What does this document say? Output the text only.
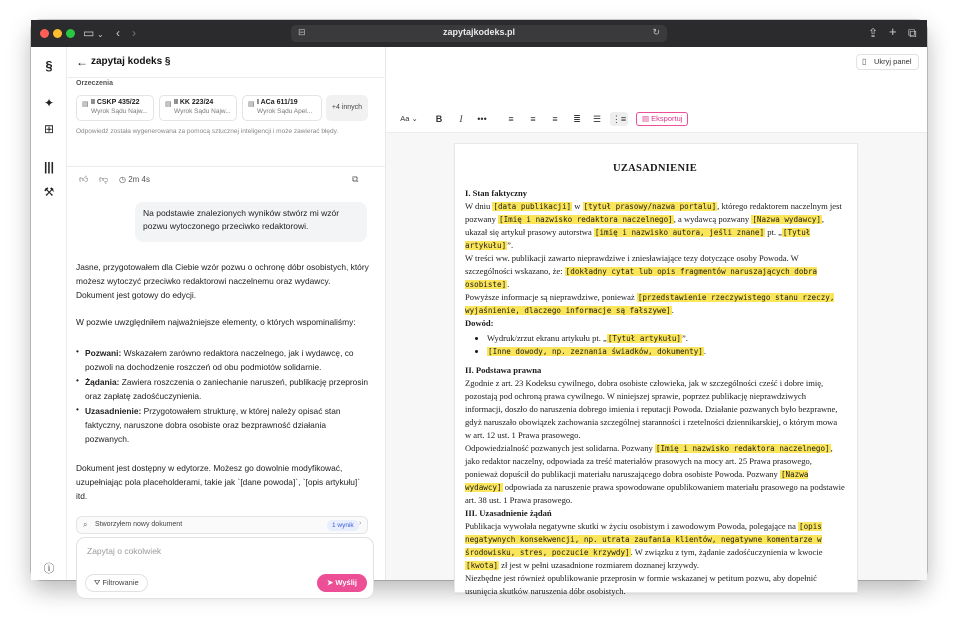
▭ ⌄ ‹ ›	⊟	zapytajkodeks.pl	↻	⇪ + ⧉
§
✦
⊞
|||
⚒
ⓘ
← zapytaj kodeks §
Orzeczenia
▤ II CSKP 435/22
Wyrok Sądu Najw...
▤ II KK 223/24
Wyrok Sądu Najw...
▤ I ACa 611/19
Wyrok Sądu Apel...
+4 innych
Odpowiedź została wygenerowana za pomocą sztucznej inteligencji i może zawierać błędy.
👍︎ 👎︎ ◷ 2m 4s	⧉
Na podstawie znalezionych wyników stwórz mi wzór pozwu wytoczonego przeciwko redaktorowi.
Jasne, przygotowałem dla Ciebie wzór pozwu o ochronę dóbr osobistych, który możesz wytoczyć przeciwko redaktorowi naczelnemu oraz wydawcy. Dokument jest gotowy do edycji.
W pozwie uwzględniłem najważniejsze elementy, o których wspominaliśmy:
• Pozwani: Wskazałem zarówno redaktora naczelnego, jak i wydawcę, co pozwoli na dochodzenie roszczeń od obu podmiotów solidarnie.
• Żądania: Zawiera roszczenia o zaniechanie naruszeń, publikację przeprosin oraz zapłatę zadośćuczynienia.
• Uzasadnienie: Przygotowałem strukturę, w której należy opisać stan faktyczny, naruszone dobra osobiste oraz bezprawność działania pozwanych.
Dokument jest dostępny w edytorze. Możesz go dowolnie modyfikować, uzupełniając pola placeholderami, takie jak `[dane powoda]`, `[opis artykułu]` itd.
⌕ Stworzyłem nowy dokument	1 wynik ›
Zapytaj o cokolwiek
⛛ Filtrowanie	➤ Wyślij
▯ Ukryj panel
Aa ⌄	B	I	•••	≡	≡	≡	≣	☰	⋮≡	▤ Eksportuj
UZASADNIENIE
I. Stan faktyczny

W dniu [data publikacji] w [tytuł prasowy/nazwa portalu], którego redaktorem naczelnym jest pozwany [Imię i nazwisko redaktora naczelnego], a wydawcą pozwany [Nazwa wydawcy], ukazał się artykuł prasowy autorstwa [imię i nazwisko autora, jeśli znane] pt. „[Tytuł artykułu]”.

W treści ww. publikacji zawarto nieprawdziwe i zniesławiające tezy dotyczące osoby Powoda. W szczególności wskazano, że: [dokładny cytat lub opis fragmentów naruszających dobra osobiste].

Powyższe informacje są nieprawdziwe, ponieważ [przedstawienie rzeczywistego stanu rzeczy, wyjaśnienie, dlaczego informacje są fałszywe].

Dowód:
• Wydruk/zrzut ekranu artykułu pt. „[Tytuł artykułu]”.
• [Inne dowody, np. zeznania świadków, dokumenty].
II. Podstawa prawna

Zgodnie z art. 23 Kodeksu cywilnego, dobra osobiste człowieka, jak w szczególności cześć i dobre imię, pozostają pod ochroną prawa cywilnego. W niniejszej sprawie, poprzez publikację nieprawdziwych informacji, doszło do naruszenia dobrego imienia i reputacji Powoda. Działanie pozwanych było bezprawne, gdyż naruszało obowiązek zachowania szczególnej staranności i rzetelności dziennikarskiej, o którym mowa w art. 12 ust. 1 Prawa prasowego.

Odpowiedzialność pozwanych jest solidarna. Pozwany [Imię i nazwisko redaktora naczelnego], jako redaktor naczelny, odpowiada za treść materiałów prasowych na mocy art. 25 Prawa prasowego, ponieważ dopuścił do publikacji materiału naruszającego dobra osobiste Powoda. Pozwany [Nazwa wydawcy] odpowiada za naruszenie prawa spowodowane opublikowaniem materiału prasowego na podstawie art. 38 ust. 1 Prawa prasowego.

III. Uzasadnienie żądań

Publikacja wywołała negatywne skutki w życiu osobistym i zawodowym Powoda, polegające na [opis negatywnych konsekwencji, np. utrata zaufania klientów, negatywne komentarze w środowisku, stres, poczucie krzywdy]. W związku z tym, żądanie zadośćuczynienia w kwocie [kwota] zł jest w pełni uzasadnione rozmiarem doznanej krzywdy.

Niezbędne jest również opublikowanie przeprosin w formie wskazanej w petitum pozwu, aby dopełnić usunięcia skutków naruszenia dóbr osobistych.
